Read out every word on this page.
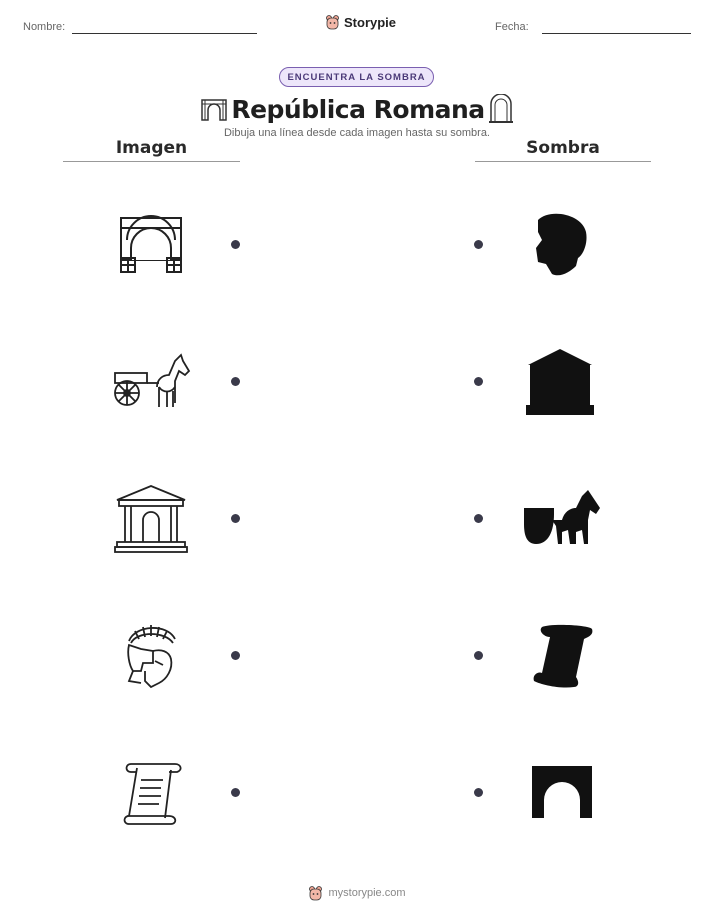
Nombre:	Storypie	Fecha:
ENCUENTRA LA SOMBRA
República Romana
Dibuja una línea desde cada imagen hasta su sombra.
Imagen	Sombra
mystorypie.com
